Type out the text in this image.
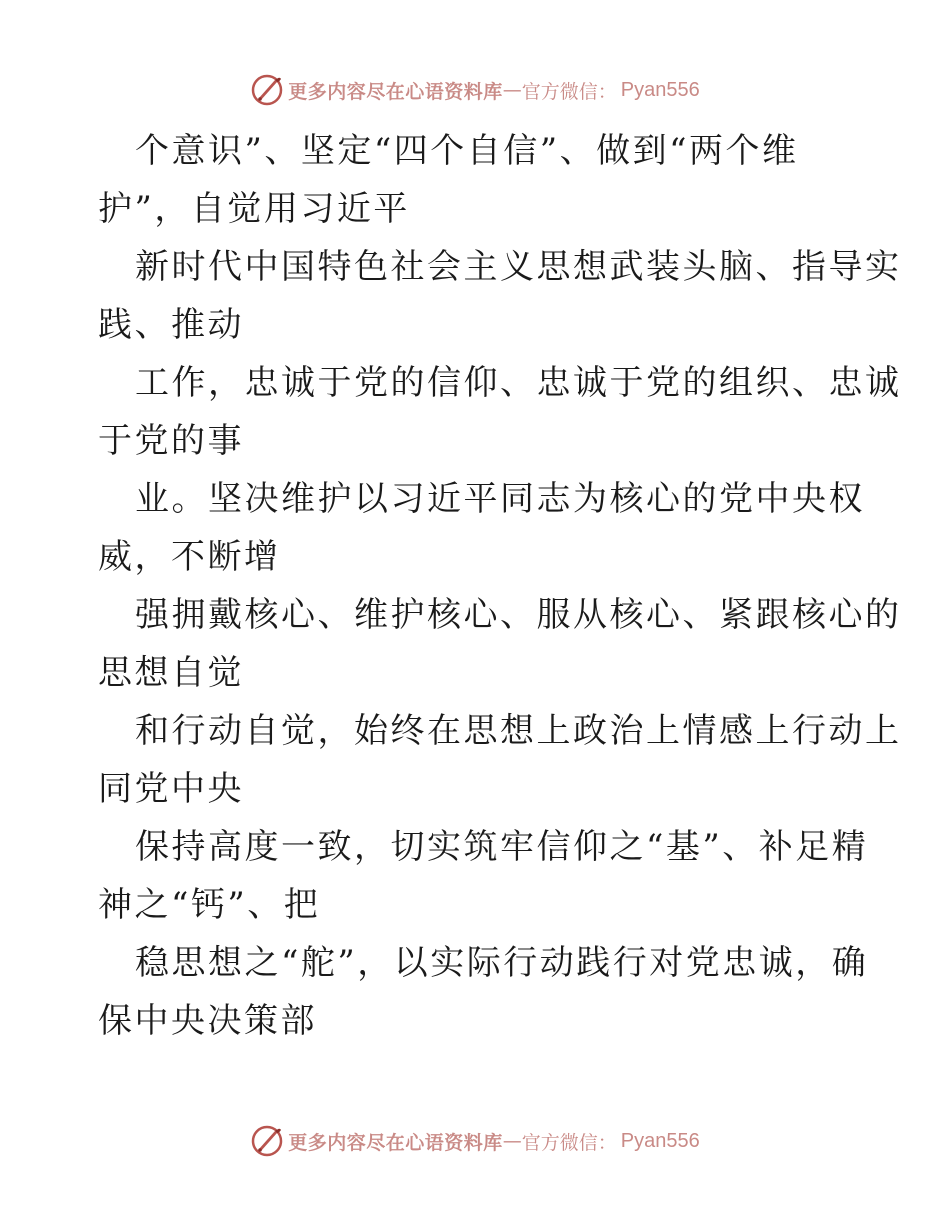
更多内容尽在心语资料库 — 官方微信： Pyan556
个意识”、坚定“四个自信”、做到“两个维
护”，自觉用习近平
新时代中国特色社会主义思想武装头脑、指导实
践、推动
工作，忠诚于党的信仰、忠诚于党的组织、忠诚
于党的事
业。坚决维护以习近平同志为核心的党中央权
威，不断增
强拥戴核心、维护核心、服从核心、紧跟核心的
思想自觉
和行动自觉，始终在思想上政治上情感上行动上
同党中央
保持高度一致，切实筑牢信仰之“基”、补足精
神之“钙”、把
稳思想之“舵”，以实际行动践行对党忠诚，确
保中央决策部
更多内容尽在心语资料库 — 官方微信： Pyan556
